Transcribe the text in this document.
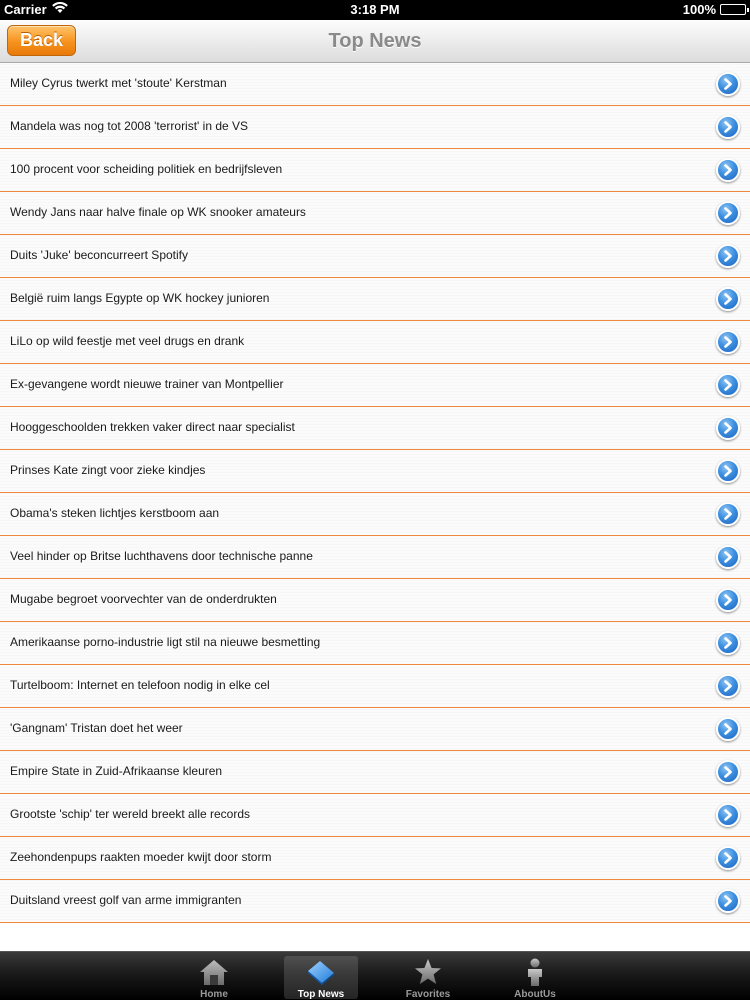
Carrier	3:18 PM	100%
Back	Top News
Miley Cyrus twerkt met 'stoute' Kerstman
Mandela was nog tot 2008 'terrorist' in de VS
100 procent voor scheiding politiek en bedrijfsleven
Wendy Jans naar halve finale op WK snooker amateurs
Duits 'Juke' beconcurreert Spotify
België ruim langs Egypte op WK hockey junioren
LiLo op wild feestje met veel drugs en drank
Ex-gevangene wordt nieuwe trainer van Montpellier
Hooggeschoolden trekken vaker direct naar specialist
Prinses Kate zingt voor zieke kindjes
Obama's steken lichtjes kerstboom aan
Veel hinder op Britse luchthavens door technische panne
Mugabe begroet voorvechter van de onderdrukten
Amerikaanse porno-industrie ligt stil na nieuwe besmetting
Turtelboom: Internet en telefoon nodig in elke cel
'Gangnam' Tristan doet het weer
Empire State in Zuid-Afrikaanse kleuren
Grootste 'schip' ter wereld breekt alle records
Zeehondenpups raakten moeder kwijt door storm
Duitsland vreest golf van arme immigranten
Home	Top News	Favorites	AboutUs
